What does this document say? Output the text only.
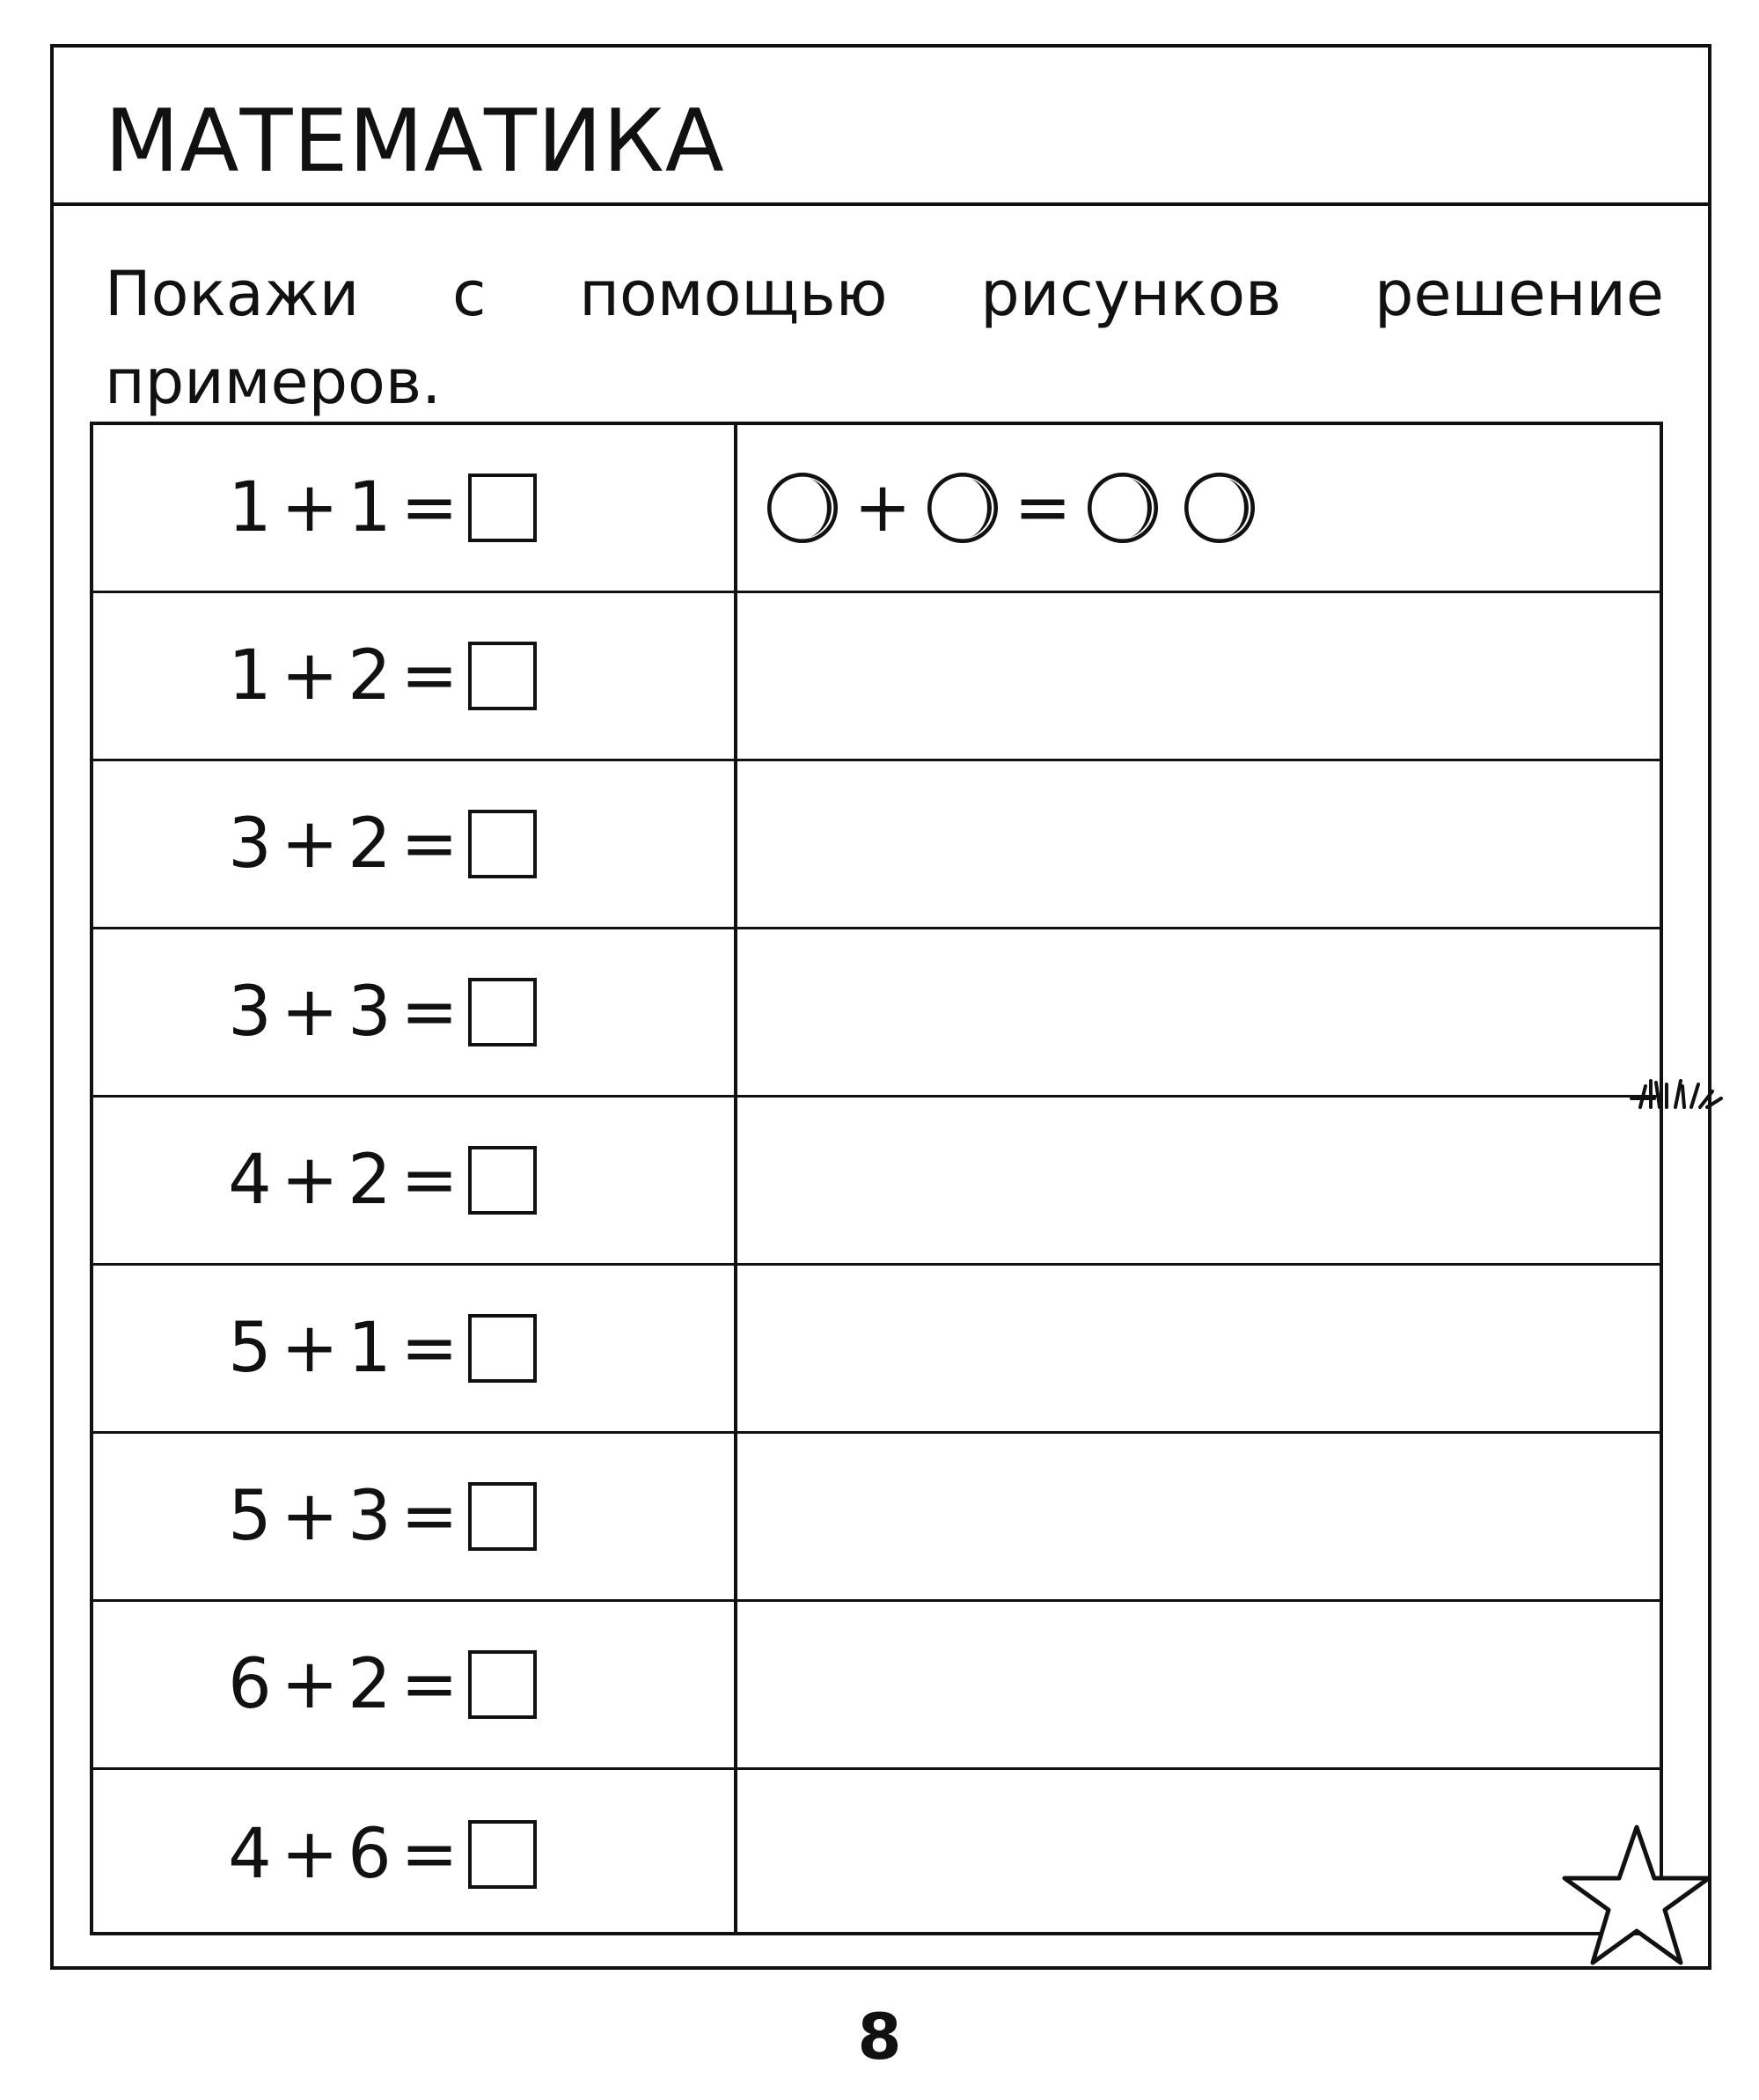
МАТЕМАТИКА
Покажи с помощью рисунков решение примеров.
1 + 1 =	+ =
1 + 2 =
3 + 2 =
3 + 3 =
4 + 2 =
5 + 1 =
5 + 3 =
6 + 2 =
4 + 6 =
8
